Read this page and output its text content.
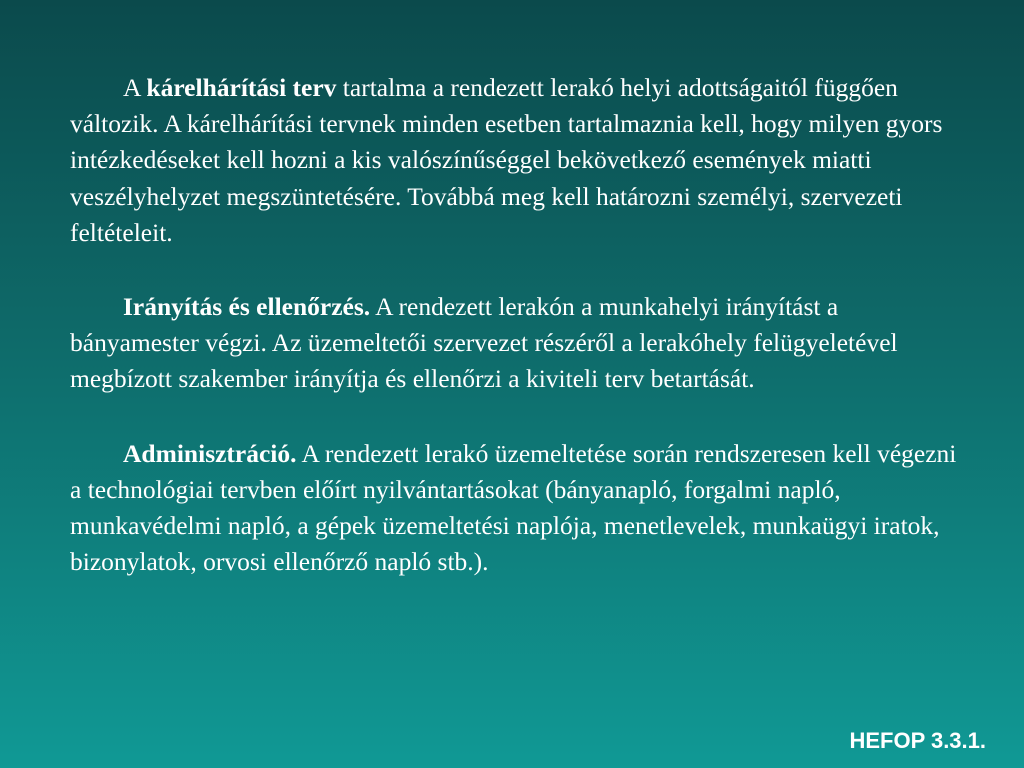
A kárelhárítási terv tartalma a rendezett lerakó helyi adottságaitól függően változik. A kárelhárítási tervnek minden esetben tartalmaznia kell, hogy milyen gyors intézkedéseket kell hozni a kis valószínűséggel bekövetkező események miatti veszélyhelyzet megszüntetésére. Továbbá meg kell határozni személyi, szervezeti feltételeit.

Irányítás és ellenőrzés. A rendezett lerakón a munkahelyi irányítást a bányamester végzi. Az üzemeltetői szervezet részéről a lerakóhely felügyeletével megbízott szakember irányítja és ellenőrzi a kiviteli terv betartását.

Adminisztráció. A rendezett lerakó üzemeltetése során rendszeresen kell végezni a technológiai tervben előírt nyilvántartásokat (bányanapló, forgalmi napló, munkavédelmi napló, a gépek üzemeltetési naplója, menetlevelek, munkaügyi iratok, bizonylatok, orvosi ellenőrző napló stb.).

HEFOP 3.3.1.
